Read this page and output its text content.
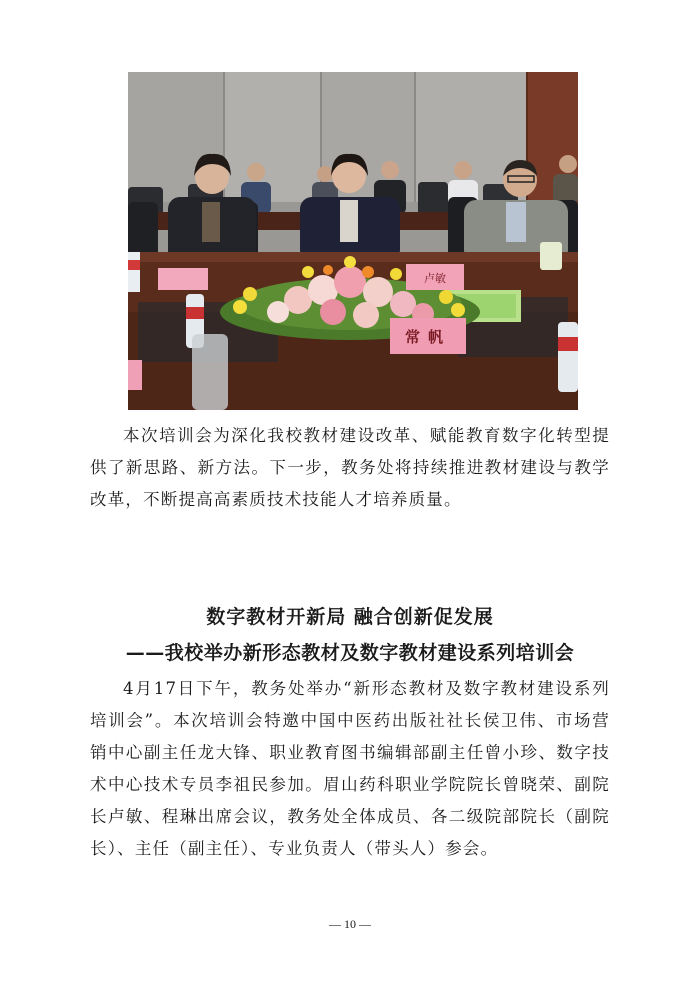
卢敏
常帆

本次培训会为深化我校教材建设改革、赋能教育数字化转型提供了新思路、新方法。下一步，教务处将持续推进教材建设与教学改革，不断提高高素质技术技能人才培养质量。

数字教材开新局 融合创新促发展
——我校举办新形态教材及数字教材建设系列培训会

4月17日下午，教务处举办“新形态教材及数字教材建设系列培训会”。本次培训会特邀中国中医药出版社社长侯卫伟、市场营销中心副主任龙大锋、职业教育图书编辑部副主任曾小珍、数字技术中心技术专员李祖民参加。眉山药科职业学院院长曾晓荣、副院长卢敏、程琳出席会议，教务处全体成员、各二级院部院长（副院长）、主任（副主任）、专业负责人（带头人）参会。

— 10 —
